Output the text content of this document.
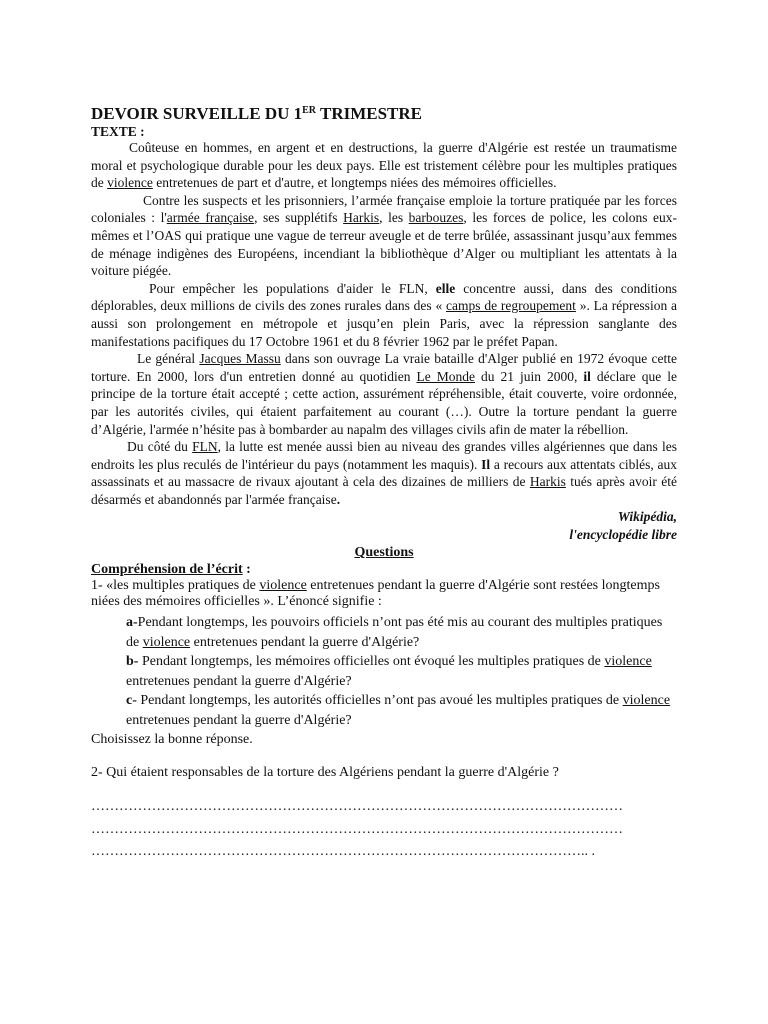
DEVOIR SURVEILLE DU 1ER TRIMESTRE
TEXTE :

Coûteuse en hommes, en argent et en destructions, la guerre d'Algérie est restée un traumatisme moral et psychologique durable pour les deux pays. Elle est tristement célèbre pour les multiples pratiques de violence entretenues de part et d'autre, et longtemps niées des mémoires officielles.

Contre les suspects et les prisonniers, l’armée française emploie la torture pratiquée par les forces coloniales : l'armée française, ses supplétifs Harkis, les barbouzes, les forces de police, les colons eux-mêmes et l’OAS qui pratique une vague de terreur aveugle et de terre brûlée, assassinant jusqu’aux femmes de ménage indigènes des Européens, incendiant la bibliothèque d’Alger ou multipliant les attentats à la voiture piégée.

Pour empêcher les populations d'aider le FLN, elle concentre aussi, dans des conditions déplorables, deux millions de civils des zones rurales dans des « camps de regroupement ». La répression a aussi son prolongement en métropole et jusqu’en plein Paris, avec la répression sanglante des manifestations pacifiques du 17 Octobre 1961 et du 8 février 1962 par le préfet Papan.

Le général Jacques Massu dans son ouvrage La vraie bataille d'Alger publié en 1972 évoque cette torture. En 2000, lors d'un entretien donné au quotidien Le Monde du 21 juin 2000, il déclare que le principe de la torture était accepté ; cette action, assurément répréhensible, était couverte, voire ordonnée, par les autorités civiles, qui étaient parfaitement au courant (…). Outre la torture pendant la guerre d’Algérie, l'armée n’hésite pas à bombarder au napalm des villages civils afin de mater la rébellion.

Du côté du FLN, la lutte est menée aussi bien au niveau des grandes villes algériennes que dans les endroits les plus reculés de l'intérieur du pays (notamment les maquis). Il a recours aux attentats ciblés, aux assassinats et au massacre de rivaux ajoutant à cela des dizaines de milliers de Harkis tués après avoir été désarmés et abandonnés par l'armée française.

Wikipédia,
l'encyclopédie libre
Questions
Compréhension de l’écrit :

1- «les multiples pratiques de violence entretenues pendant la guerre d'Algérie sont restées longtemps niées des mémoires officielles ». L’énoncé signifie :

a-Pendant longtemps, les pouvoirs officiels n’ont pas été mis au courant des multiples pratiques de violence entretenues pendant la guerre d'Algérie?

b- Pendant longtemps, les mémoires officielles ont évoqué les multiples pratiques de violence entretenues pendant la guerre d'Algérie?

c- Pendant longtemps, les autorités officielles n’ont pas avoué les multiples pratiques de violence entretenues pendant la guerre d'Algérie?

Choisissez la bonne réponse.

2- Qui étaient responsables de la torture des Algériens pendant la guerre d'Algérie ?

……………………………………………………………………………………………………

……………………………………………………………………………………………………

…………………………………………………………………………………………….. .
